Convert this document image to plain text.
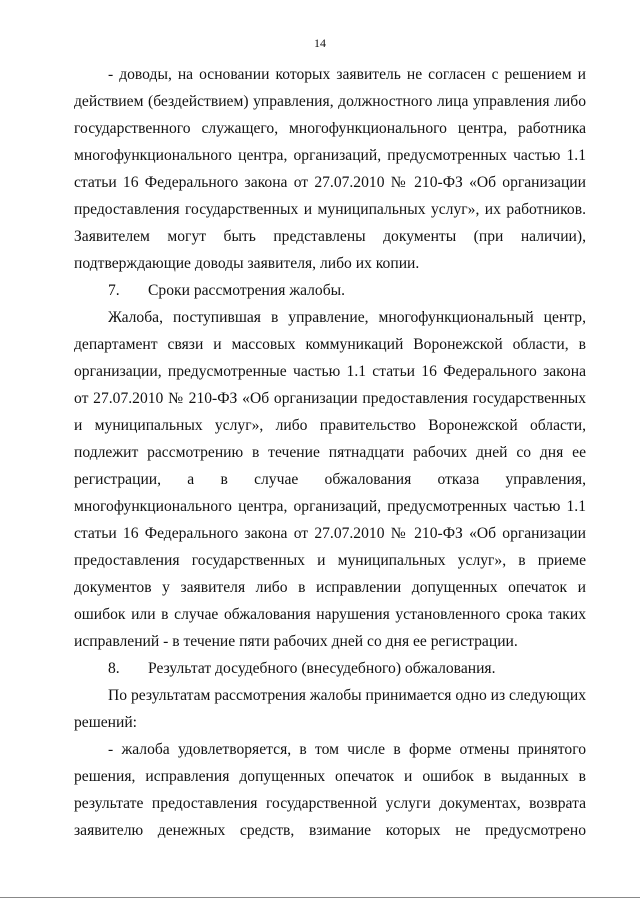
14

- доводы, на основании которых заявитель не согласен с решением и действием (бездействием) управления, должностного лица управления либо государственного служащего, многофункционального центра, работника многофункционального центра, организаций, предусмотренных частью 1.1 статьи 16 Федерального закона от 27.07.2010 № 210-ФЗ «Об организации предоставления государственных и муниципальных услуг», их работников. Заявителем могут быть представлены документы (при наличии), подтверждающие доводы заявителя, либо их копии.

7. Сроки рассмотрения жалобы.

Жалоба, поступившая в управление, многофункциональный центр, департамент связи и массовых коммуникаций Воронежской области, в организации, предусмотренные частью 1.1 статьи 16 Федерального закона от 27.07.2010 № 210-ФЗ «Об организации предоставления государственных и муниципальных услуг», либо правительство Воронежской области, подлежит рассмотрению в течение пятнадцати рабочих дней со дня ее регистрации, а в случае обжалования отказа управления, многофункционального центра, организаций, предусмотренных частью 1.1 статьи 16 Федерального закона от 27.07.2010 № 210-ФЗ «Об организации предоставления государственных и муниципальных услуг», в приеме документов у заявителя либо в исправлении допущенных опечаток и ошибок или в случае обжалования нарушения установленного срока таких исправлений - в течение пяти рабочих дней со дня ее регистрации.

8. Результат досудебного (внесудебного) обжалования.

По результатам рассмотрения жалобы принимается одно из следующих решений:

- жалоба удовлетворяется, в том числе в форме отмены принятого решения, исправления допущенных опечаток и ошибок в выданных в результате предоставления государственной услуги документах, возврата заявителю денежных средств, взимание которых не предусмотрено
